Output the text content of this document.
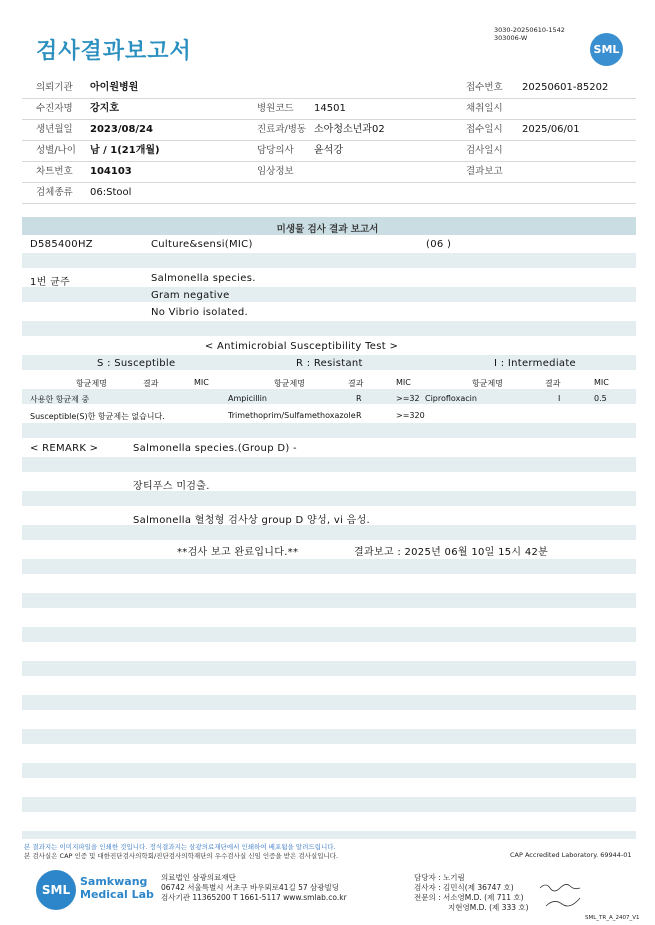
검사결과보고서
3030-20250610-1542
303006-W
SML
의뢰기관 아이원병원	접수번호 20250601-85202
수진자명 강지호	병원코드 14501	채취일시
생년월일 2023/08/24	진료과/병동 소아청소년과02	접수일시 2025/06/01
성별/나이 남 / 1(21개월)	담당의사 윤석강	검사일시
차트번호 104103	임상정보	결과보고
검체종류 06:Stool
미생물 검사 결과 보고서
D585400HZ	Culture&sensi(MIC)	(06 )
1번 균주	Salmonella species.
Gram negative
No Vibrio isolated.
< Antimicrobial Susceptibility Test >
S : Susceptible	R : Resistant	I : Intermediate
항균제명	결과	MIC	항균제명	결과	MIC	항균제명	결과	MIC
사용한 항균제 중	Ampicillin	R	>=32 Ciprofloxacin	I	0.5
Susceptible(S)한 항균제는 없습니다.	Trimethoprim/Sulfamethoxazole R	>=320
< REMARK >	Salmonella species.(Group D) -
장티푸스 미검출.
Salmonella 혈청형 검사상 group D 양성, vi 음성.
**검사 보고 완료입니다.**	결과보고 : 2025년 06월 10일 15시 42분
본 결과지는 이미지파일을 인쇄한 것입니다. 정식결과지는 삼광의료재단에서 인쇄하여 배포됨을 알려드립니다.
본 검사실은 CAP 인증 및 대한진단검사의학회/진단검사의학재단의 우수검사실 신임 인증을 받은 검사실입니다.	CAP Accredited Laboratory. 69944-01
SML
Samkwang
Medical Lab
의료법인 삼광의료재단
06742 서울특별시 서초구 바우뫼로41길 57 삼광빌딩
검사기관 11365200 T 1661-5117 www.smlab.co.kr
담당자 : 노기림
검사자 : 김민식(제 36747 호)
전문의 : 서소영M.D. (제 711 호)
지현영M.D. (제 333 호)
SML_TR_A_2407_V1
